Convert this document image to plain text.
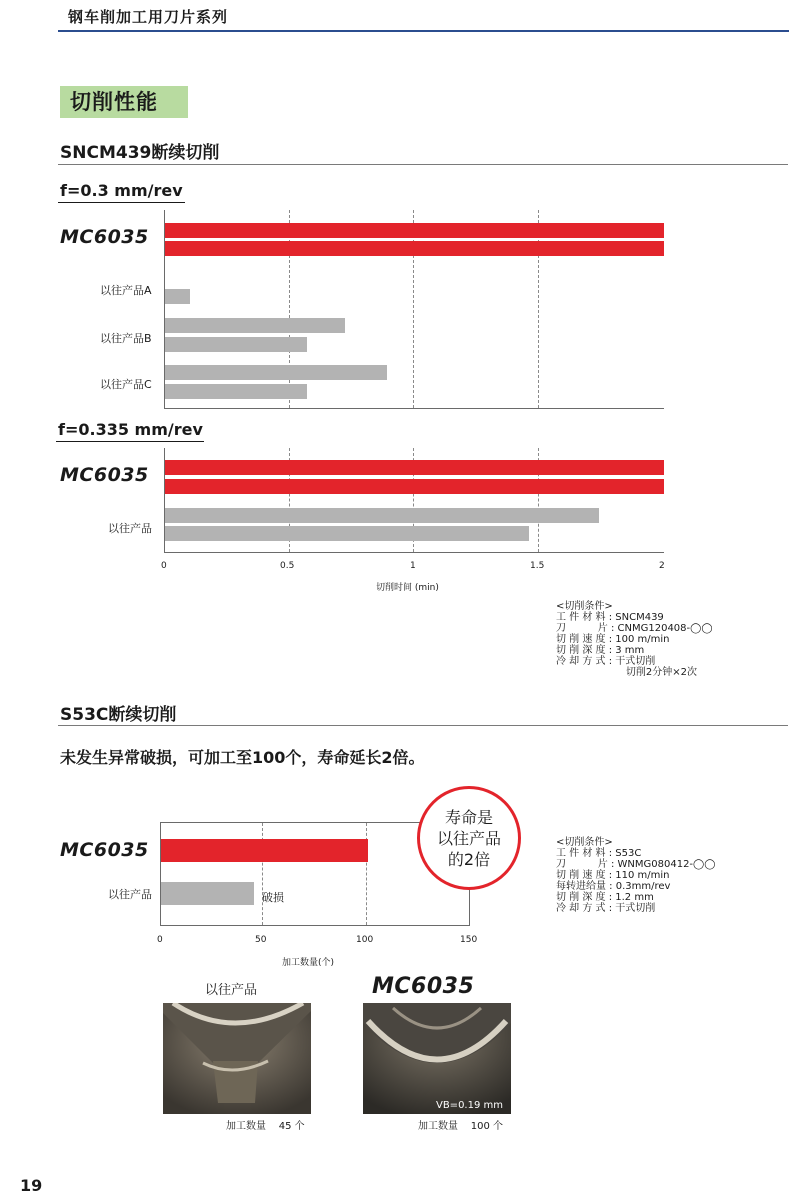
钢车削加工用刀片系列
切削性能
SNCM439断续切削
f=0.3 mm/rev
f=0.335 mm/rev
MC6035
MC6035
以往产品A
以往产品B
以往产品C
以往产品
0	0.5	1	1.5	2
切削时间 (min)
<切削条件>
工 件 材 料 : SNCM439
刀          片 : CNMG120408-◯◯
切 削 速 度 : 100 m/min
切 削 深 度 : 3 mm
冷 却 方 式 : 干式切削
切削2分钟×2次
S53C断续切削
未发生异常破损，可加工至100个，寿命延长2倍。
MC6035
以往产品	破损
0	50	100	150
加工数量(个)
寿命是
以往产品
的2倍
<切削条件>
工 件 材 料 : S53C
刀          片 : WNMG080412-◯◯
切 削 速 度 : 110 m/min
每转进给量 : 0.3mm/rev
切 削 深 度 : 1.2 mm
冷 却 方 式 : 干式切削
以往产品	MC6035
VB=0.19 mm
加工数量    45 个	加工数量    100 个
19
